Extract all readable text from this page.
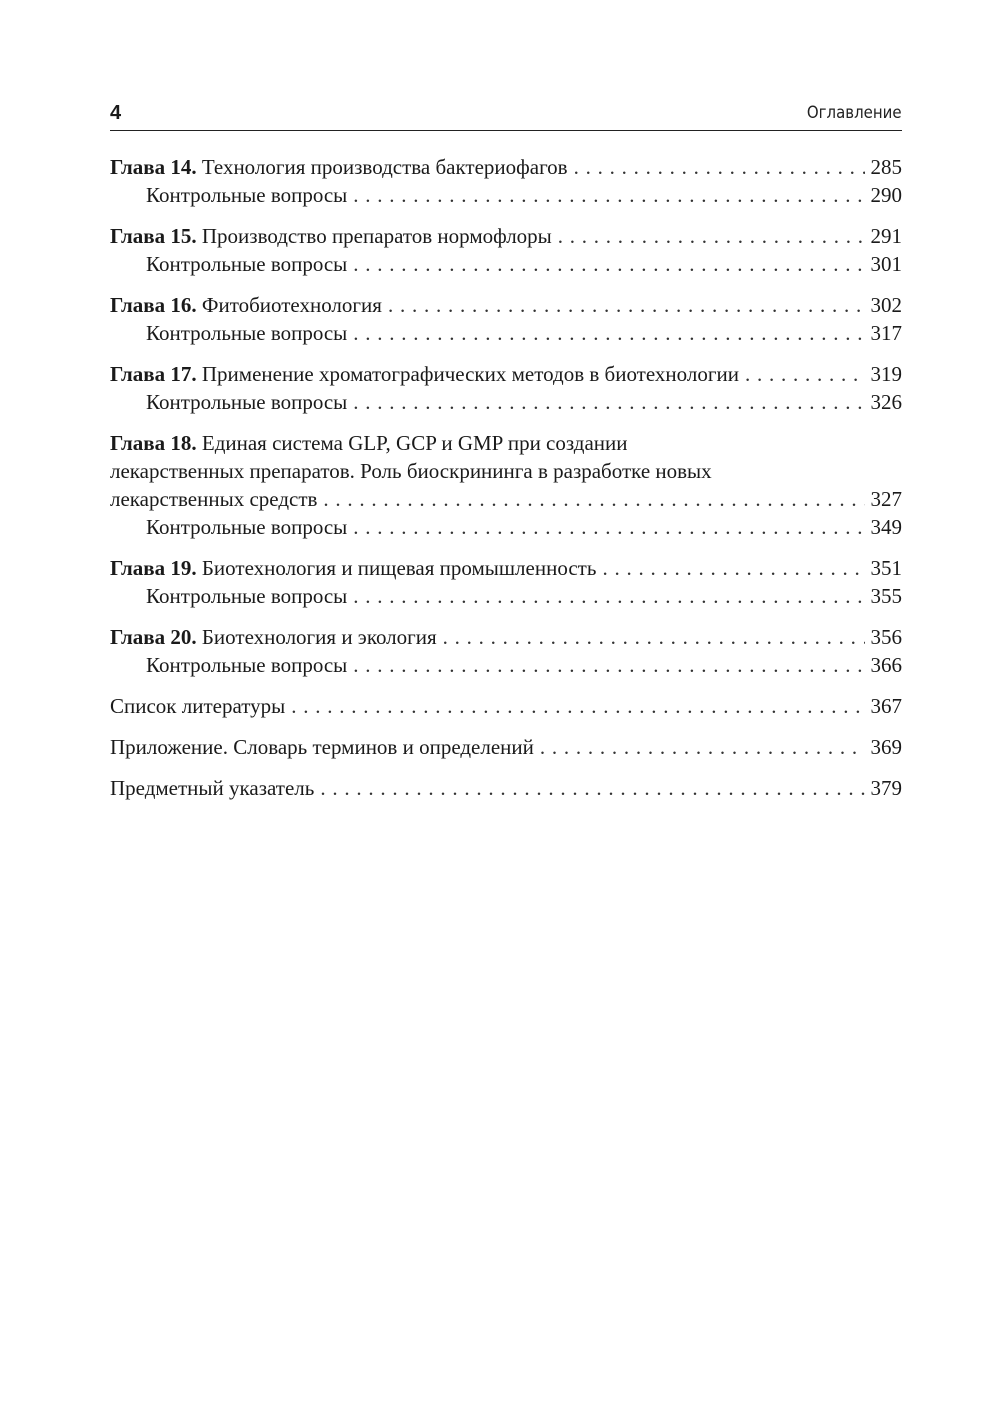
4	Оглавление
Глава 14. Технология производства бактериофагов . . .	285
Контрольные вопросы . . .	290
Глава 15. Производство препаратов нормофлоры . . .	291
Контрольные вопросы . . .	301
Глава 16. Фитобиотехнология . . .	302
Контрольные вопросы . . .	317
Глава 17. Применение хроматографических методов в биотехнологии . . .	319
Контрольные вопросы . . .	326
Глава 18. Единая система GLP, GCP и GMP при создании
лекарственных препаратов. Роль биоскрининга в разработке новых
лекарственных средств . . .	327
Контрольные вопросы . . .	349
Глава 19. Биотехнология и пищевая промышленность . . .	351
Контрольные вопросы . . .	355
Глава 20. Биотехнология и экология . . .	356
Контрольные вопросы . . .	366
Список литературы . . .	367
Приложение. Словарь терминов и определений . . .	369
Предметный указатель . . .	379
